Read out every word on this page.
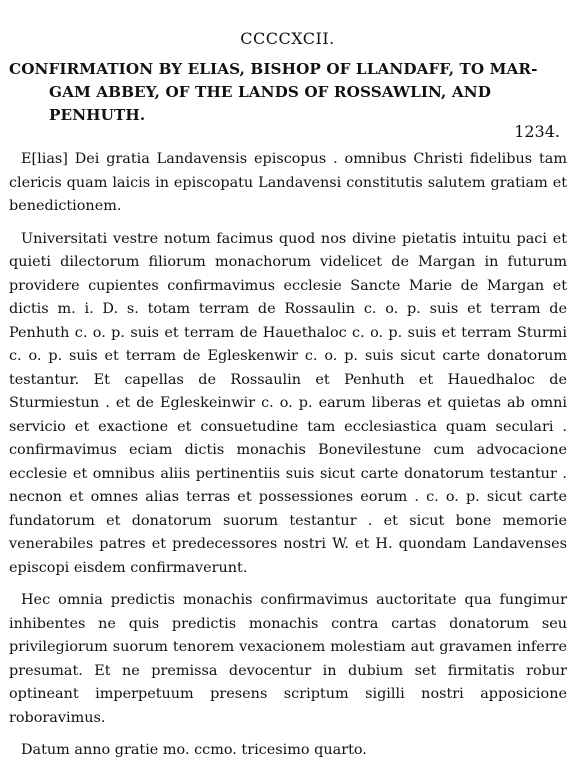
CCCCXCII.
CONFIRMATION BY ELIAS, BISHOP OF LLANDAFF, TO MAR-
GAM ABBEY, OF THE LANDS OF ROSSAWLIN, AND
PENHUTH.
1234.

E[lias] Dei gratia Landavensis episcopus . omnibus Christi fidelibus tam clericis quam laicis in episcopatu Landavensi constitutis salutem gratiam et benedictionem.

Universitati vestre notum facimus quod nos divine pietatis intuitu paci et quieti dilectorum filiorum monachorum videlicet de Margan in futurum providere cupientes confirmavimus ecclesie Sancte Marie de Margan et dictis m. i. D. s. totam terram de Rossaulin c. o. p. suis et terram de Penhuth c. o. p. suis et terram de Hauethaloc c. o. p. suis et terram Sturmi c. o. p. suis et terram de Egleskenwir c. o. p. suis sicut carte donatorum testantur. Et capellas de Rossaulin et Penhuth et Hauedhaloc de Sturmiestun . et de Egleskeinwir c. o. p. earum liberas et quietas ab omni servicio et exactione et consuetudine tam ecclesiastica quam seculari . confirmavimus eciam dictis monachis Bonevilestune cum advocacione ecclesie et omnibus aliis pertinentiis suis sicut carte donatorum testantur . necnon et omnes alias terras et possessiones eorum . c. o. p. sicut carte fundatorum et donatorum suorum testantur . et sicut bone memorie venerabiles patres et predecessores nostri W. et H. quondam Landavenses episcopi eisdem confirmaverunt.

Hec omnia predictis monachis confirmavimus auctoritate qua fungimur inhibentes ne quis predictis monachis contra cartas donatorum seu privilegiorum suorum tenorem vexacionem molestiam aut gravamen inferre presumat. Et ne premissa devocentur in dubium set firmitatis robur optineant imperpetuum presens scriptum sigilli nostri apposicione roboravimus.

Datum anno gratie mo. ccmo. tricesimo quarto.
